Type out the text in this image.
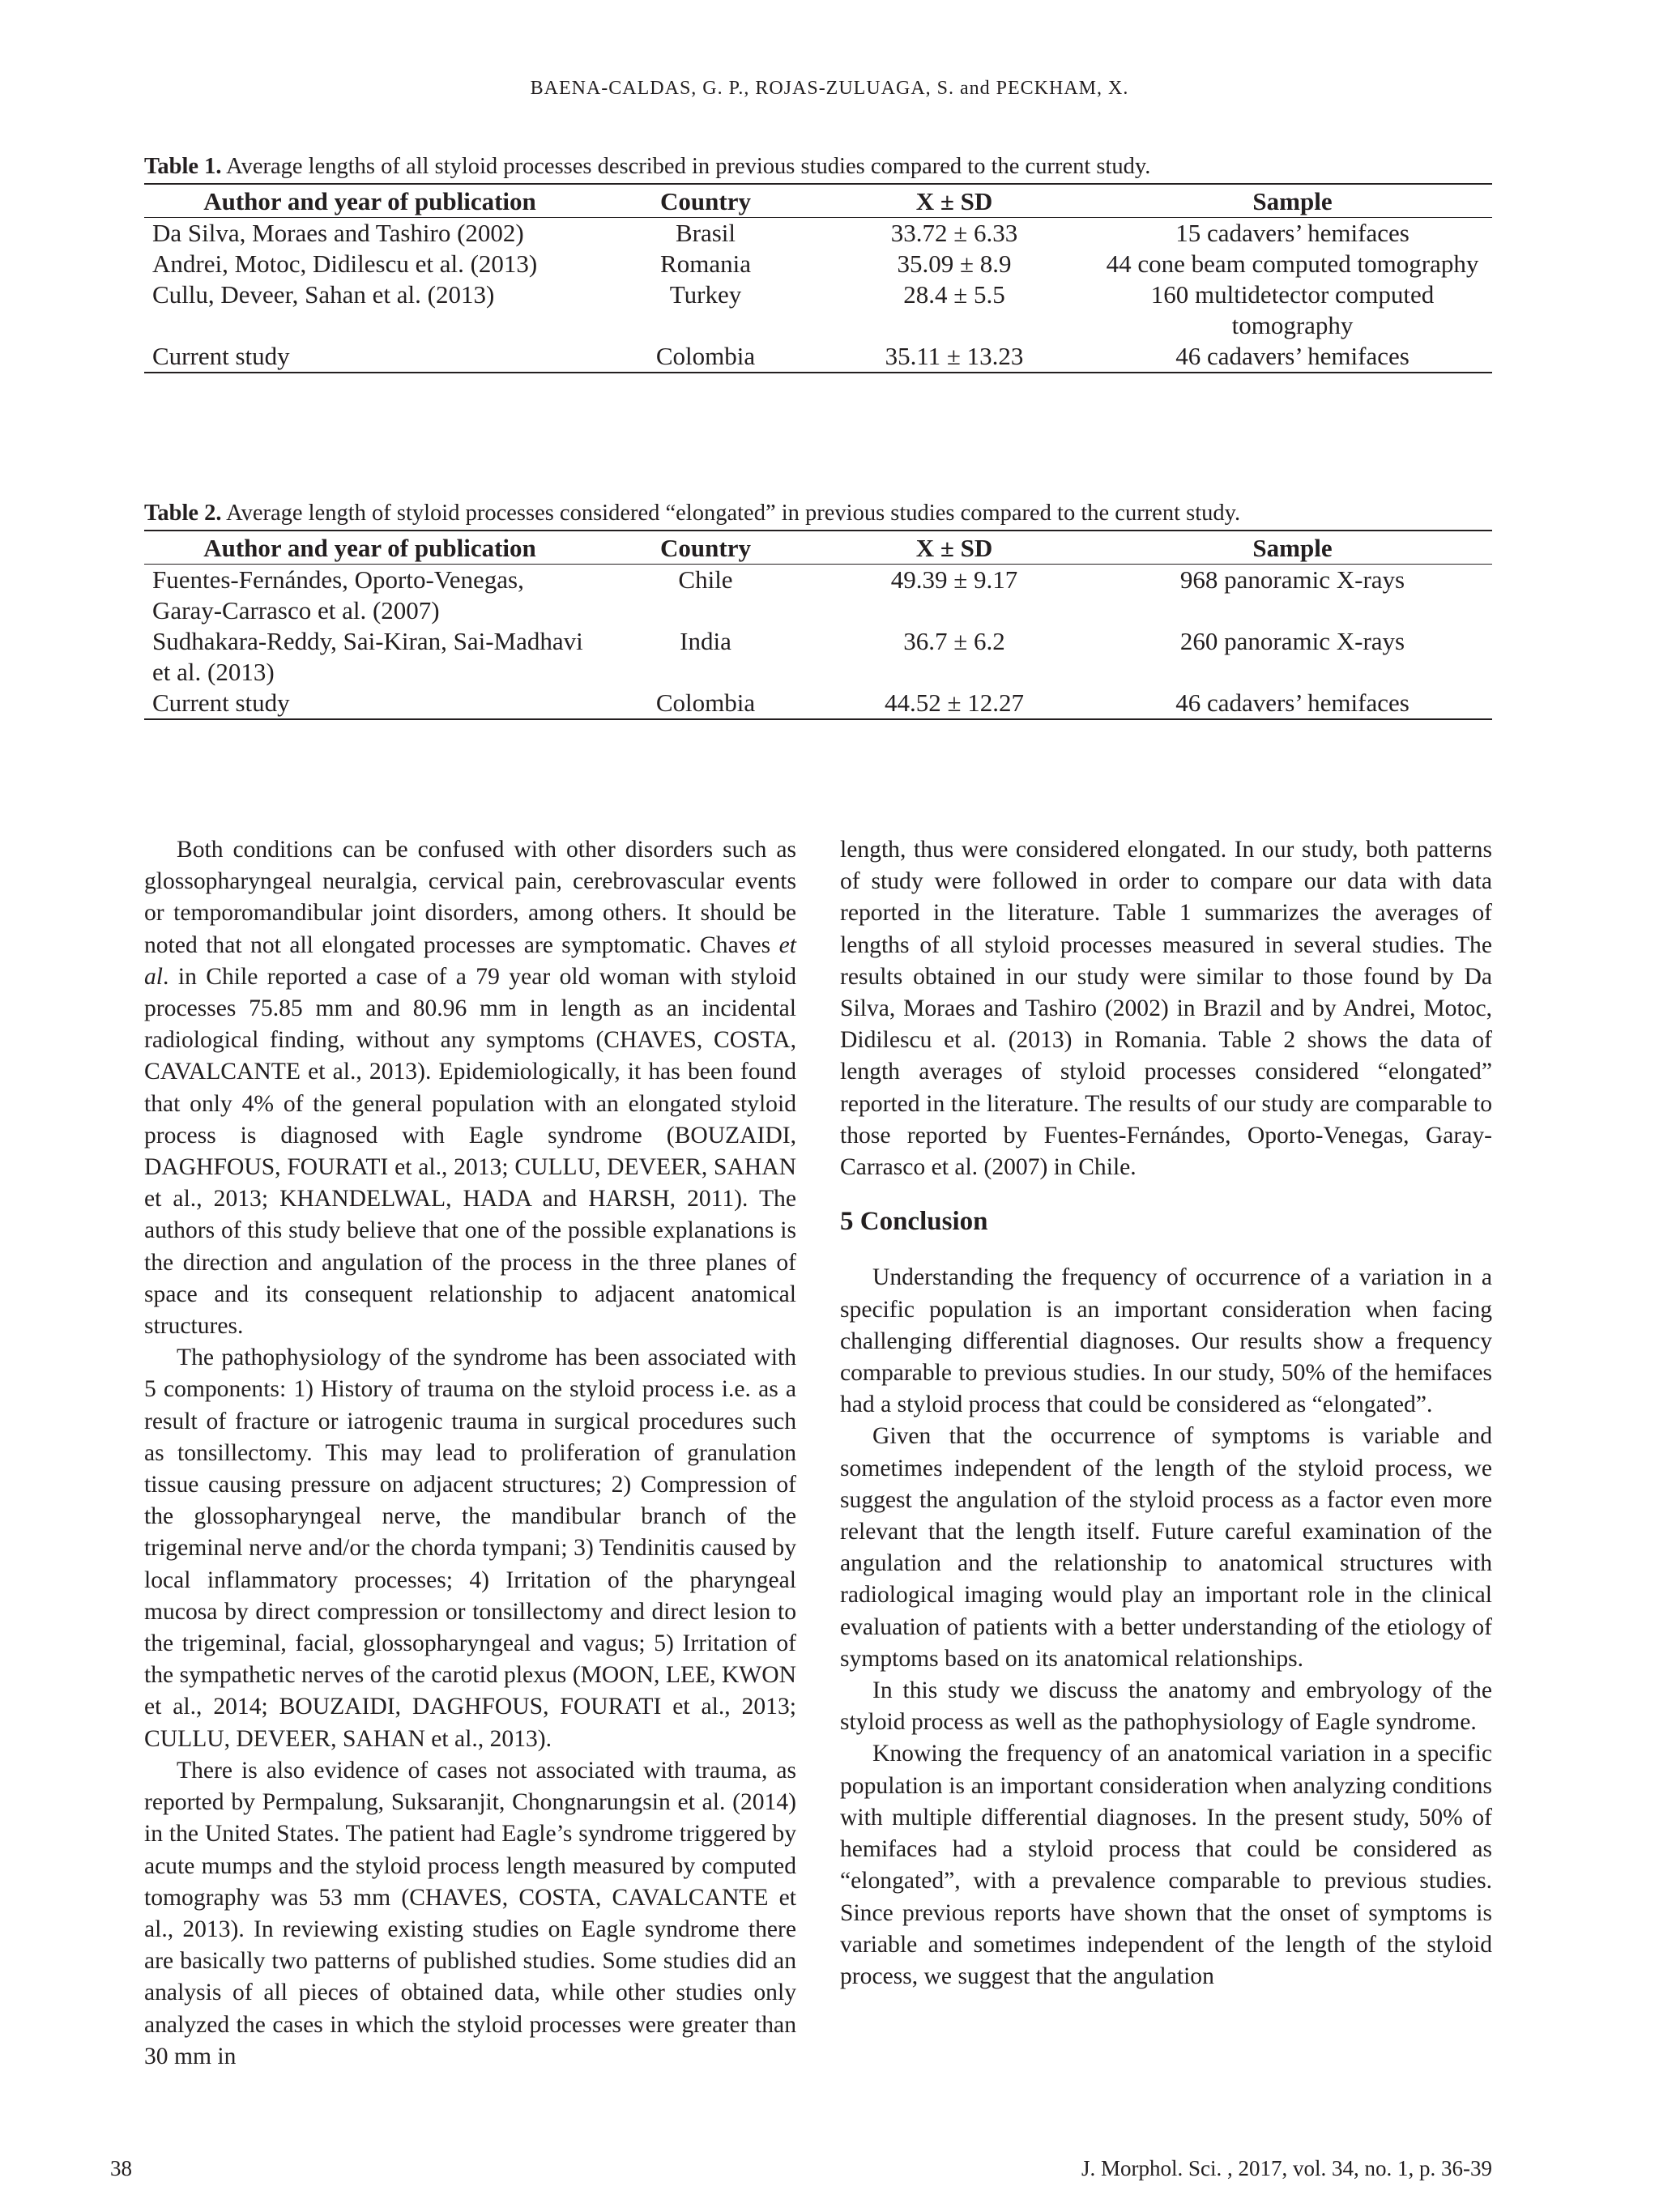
BAENA-CALDAS, G. P., ROJAS-ZULUAGA, S. and PECKHAM, X.
Table 1. Average lengths of all styloid processes described in previous studies compared to the current study.
Author and year of publication	Country	X ± SD	Sample
Da Silva, Moraes and Tashiro (2002)	Brasil	33.72 ± 6.33	15 cadavers’ hemifaces
Andrei, Motoc, Didilescu et al. (2013)	Romania	35.09 ± 8.9	44 cone beam computed tomography
Cullu, Deveer, Sahan et al. (2013)	Turkey	28.4 ± 5.5	160 multidetector computed tomography
Current study	Colombia	35.11 ± 13.23	46 cadavers’ hemifaces
Table 2. Average length of styloid processes considered “elongated” in previous studies compared to the current study.
Author and year of publication	Country	X ± SD	Sample
Fuentes-Fernándes, Oporto-Venegas, Garay-Carrasco et al. (2007)	Chile	49.39 ± 9.17	968 panoramic X-rays
Sudhakara-Reddy, Sai-Kiran, Sai-Madhavi et al. (2013)	India	36.7 ± 6.2	260 panoramic X-rays
Current study	Colombia	44.52 ± 12.27	46 cadavers’ hemifaces

Both conditions can be confused with other disorders such as glossopharyngeal neuralgia, cervical pain, cerebrovascular events or temporomandibular joint disorders, among others. It should be noted that not all elongated processes are symptomatic. Chaves et al. in Chile reported a case of a 79 year old woman with styloid processes 75.85 mm and 80.96 mm in length as an incidental radiological finding, without any symptoms (CHAVES, COSTA, CAVALCANTE et al., 2013). Epidemiologically, it has been found that only 4% of the general population with an elongated styloid process is diagnosed with Eagle syndrome (BOUZAIDI, DAGHFOUS, FOURATI et al., 2013; CULLU, DEVEER, SAHAN et al., 2013; KHANDELWAL, HADA and HARSH, 2011). The authors of this study believe that one of the possible explanations is the direction and angulation of the process in the three planes of space and its consequent relationship to adjacent anatomical structures.

The pathophysiology of the syndrome has been associated with 5 components: 1) History of trauma on the styloid process i.e. as a result of fracture or iatrogenic trauma in surgical procedures such as tonsillectomy. This may lead to proliferation of granulation tissue causing pressure on adjacent structures; 2) Compression of the glossopharyngeal nerve, the mandibular branch of the trigeminal nerve and/or the chorda tympani; 3) Tendinitis caused by local inflammatory processes; 4) Irritation of the pharyngeal mucosa by direct compression or tonsillectomy and direct lesion to the trigeminal, facial, glossopharyngeal and vagus; 5) Irritation of the sympathetic nerves of the carotid plexus (MOON, LEE, KWON et al., 2014; BOUZAIDI, DAGHFOUS, FOURATI et al., 2013; CULLU, DEVEER, SAHAN et al., 2013).

There is also evidence of cases not associated with trauma, as reported by Permpalung, Suksaranjit, Chongnarungsin et al. (2014) in the United States. The patient had Eagle’s syndrome triggered by acute mumps and the styloid process length measured by computed tomography was 53 mm (CHAVES, COSTA, CAVALCANTE et al., 2013). In reviewing existing studies on Eagle syndrome there are basically two patterns of published studies. Some studies did an analysis of all pieces of obtained data, while other studies only analyzed the cases in which the styloid processes were greater than 30 mm in

length, thus were considered elongated. In our study, both patterns of study were followed in order to compare our data with data reported in the literature. Table 1 summarizes the averages of lengths of all styloid processes measured in several studies. The results obtained in our study were similar to those found by Da Silva, Moraes and Tashiro (2002) in Brazil and by Andrei, Motoc, Didilescu et al. (2013) in Romania. Table 2 shows the data of length averages of styloid processes considered “elongated” reported in the literature. The results of our study are comparable to those reported by Fuentes-Fernándes, Oporto-Venegas, Garay-Carrasco et al. (2007) in Chile.

5 Conclusion

Understanding the frequency of occurrence of a variation in a specific population is an important consideration when facing challenging differential diagnoses. Our results show a frequency comparable to previous studies. In our study, 50% of the hemifaces had a styloid process that could be considered as “elongated”.

Given that the occurrence of symptoms is variable and sometimes independent of the length of the styloid process, we suggest the angulation of the styloid process as a factor even more relevant that the length itself. Future careful examination of the angulation and the relationship to anatomical structures with radiological imaging would play an important role in the clinical evaluation of patients with a better understanding of the etiology of symptoms based on its anatomical relationships.

In this study we discuss the anatomy and embryology of the styloid process as well as the pathophysiology of Eagle syndrome.

Knowing the frequency of an anatomical variation in a specific population is an important consideration when analyzing conditions with multiple differential diagnoses. In the present study, 50% of hemifaces had a styloid process that could be considered as “elongated”, with a prevalence comparable to previous studies. Since previous reports have shown that the onset of symptoms is variable and sometimes independent of the length of the styloid process, we suggest that the angulation

38	J. Morphol. Sci. , 2017, vol. 34, no. 1, p. 36-39
